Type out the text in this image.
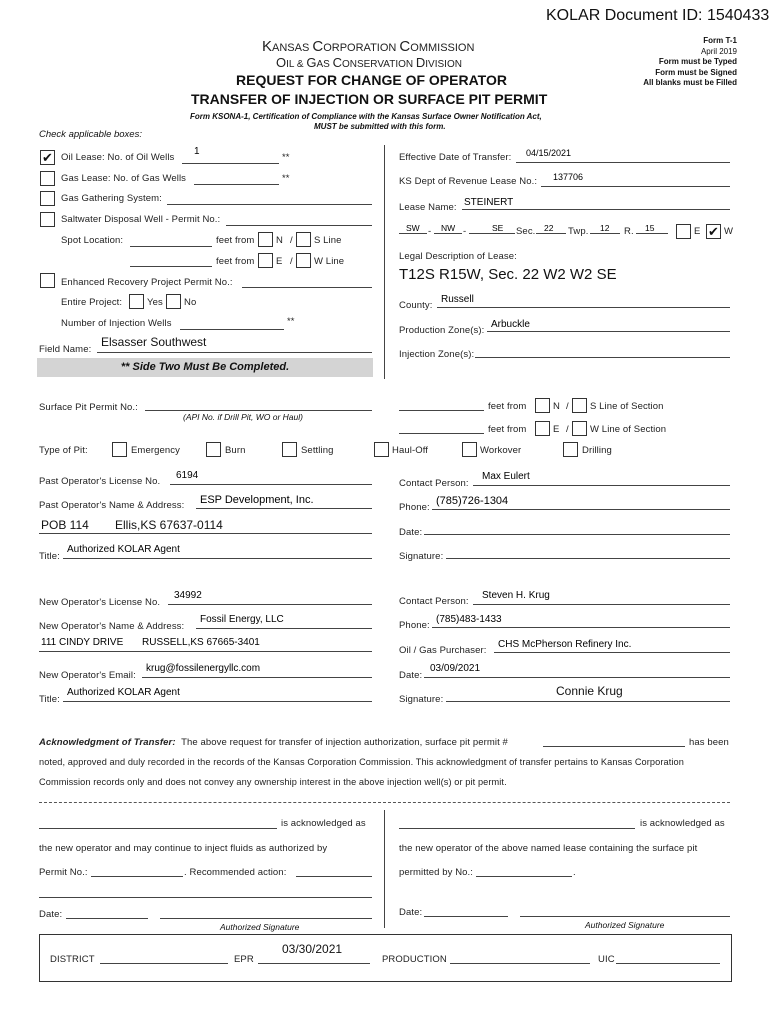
KOLAR Document ID: 1540433
KANSAS CORPORATION COMMISSION
OIL & GAS CONSERVATION DIVISION
Form T-1
April 2019
Form must be Typed
Form must be Signed
All blanks must be Filled
REQUEST FOR CHANGE OF OPERATOR
TRANSFER OF INJECTION OR SURFACE PIT PERMIT
Form KSONA-1, Certification of Compliance with the Kansas Surface Owner Notification Act,
MUST be submitted with this form.
Check applicable boxes:
✔ Oil Lease: No. of Oil Wells
1
**
Gas Lease: No. of Gas Wells	**
Gas Gathering System:
Saltwater Disposal Well - Permit No.:
Spot Location:	feet from N / S Line
feet from E / W Line
Enhanced Recovery Project Permit No.:
Entire Project:	Yes No
Number of Injection Wells	**
Field Name:
Elsasser Southwest
** Side Two Must Be Completed.
Effective Date of Transfer: 04/15/2021
KS Dept of Revenue Lease No.: 137706
Lease Name: STEINERT
SW - NW -	SE Sec. 22 Twp. 12 R. 15	E ✔ W
Legal Description of Lease:
T12S R15W, Sec. 22 W2 W2 SE
County:
Russell
Production Zone(s):
Arbuckle
Injection Zone(s):
Surface Pit Permit No.:
(API No. if Drill Pit, WO or Haul)
feet from	N / S Line of Section
feet from	E / W Line of Section
Type of Pit:	Emergency	Burn	Settling	Haul-Off	Workover	Drilling
Past Operator's License No.
6194
Past Operator's Name & Address: ESP Development, Inc.
POB 114 Ellis,KS 67637-0114
Title:
Authorized KOLAR Agent
Contact Person:
Max Eulert
Phone:
(785)726-1304
Date:
Signature:
New Operator's License No.
34992
New Operator's Name & Address:
Fossil Energy, LLC
111 CINDY DRIVE RUSSELL,KS 67665-3401
New Operator's Email:
krug@fossilenergyllc.com
Title:
Authorized KOLAR Agent
Contact Person:
Steven H. Krug
Phone:
(785)483-1433
Oil / Gas Purchaser:
CHS McPherson Refinery Inc.
Date:
03/09/2021
Signature:
Connie Krug
Acknowledgment of Transfer: The above request for transfer of injection authorization, surface pit permit #	has been
noted, approved and duly recorded in the records of the Kansas Corporation Commission. This acknowledgment of transfer pertains to Kansas Corporation
Commission records only and does not convey any ownership interest in the above injection well(s) or pit permit.
is acknowledged as
the new operator and may continue to inject fluids as authorized by
Permit No.:	. Recommended action:
Date:
Authorized Signature
is acknowledged as
the new operator of the above named lease containing the surface pit
permitted by No.:	.
Date:
Authorized Signature
DISTRICT	EPR
03/30/2021
PRODUCTION	UIC
